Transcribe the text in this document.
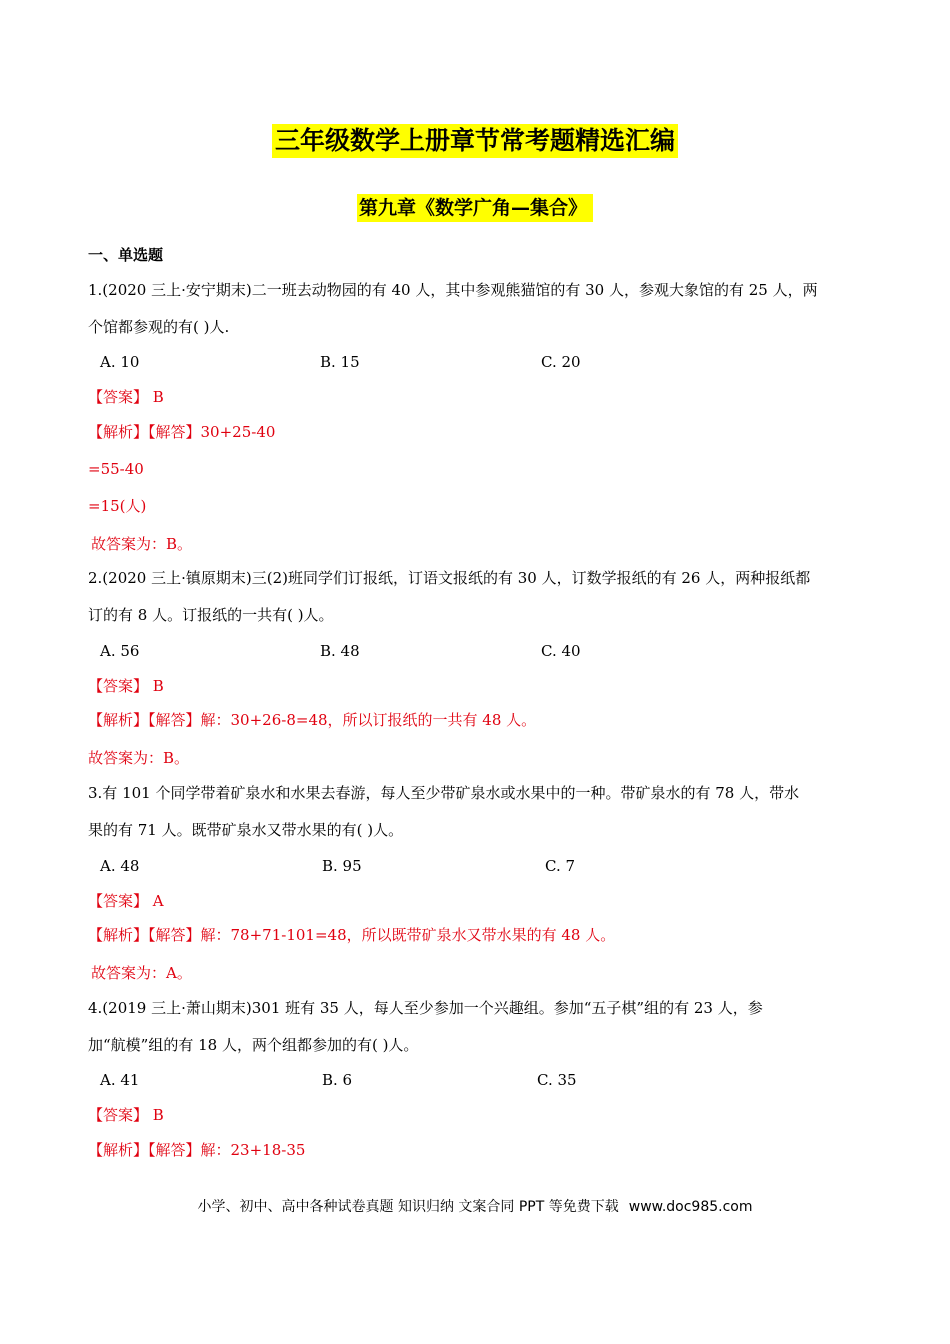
三年级数学上册章节常考题精选汇编
第九章《数学广角—集合》
一、单选题
1.(2020 三上·安宁期末)二一班去动物园的有 40 人，其中参观熊猫馆的有 30 人，参观大象馆的有 25 人，两
个馆都参观的有( )人.
A. 10	B. 15	C. 20
【答案】 B
【解析】【解答】30+25-40
=55-40
=15(人)
故答案为：B。
2.(2020 三上·镇原期末)三(2)班同学们订报纸，订语文报纸的有 30 人，订数学报纸的有 26 人，两种报纸都
订的有 8 人。订报纸的一共有( )人。
A. 56	B. 48	C. 40
【答案】 B
【解析】【解答】解：30+26-8=48，所以订报纸的一共有 48 人。
故答案为：B。
3.有 101 个同学带着矿泉水和水果去春游，每人至少带矿泉水或水果中的一种。带矿泉水的有 78 人，带水
果的有 71 人。既带矿泉水又带水果的有( )人。
A. 48	B. 95	C. 7
【答案】 A
【解析】【解答】解：78+71-101=48，所以既带矿泉水又带水果的有 48 人。
故答案为：A。
4.(2019 三上·萧山期末)301 班有 35 人，每人至少参加一个兴趣组。参加“五子棋”组的有 23 人，参
加“航模”组的有 18 人，两个组都参加的有( )人。
A. 41	B. 6	C. 35
【答案】 B
【解析】【解答】解：23+18-35
小学、初中、高中各种试卷真题 知识归纳 文案合同 PPT 等免费下载 www.doc985.com
